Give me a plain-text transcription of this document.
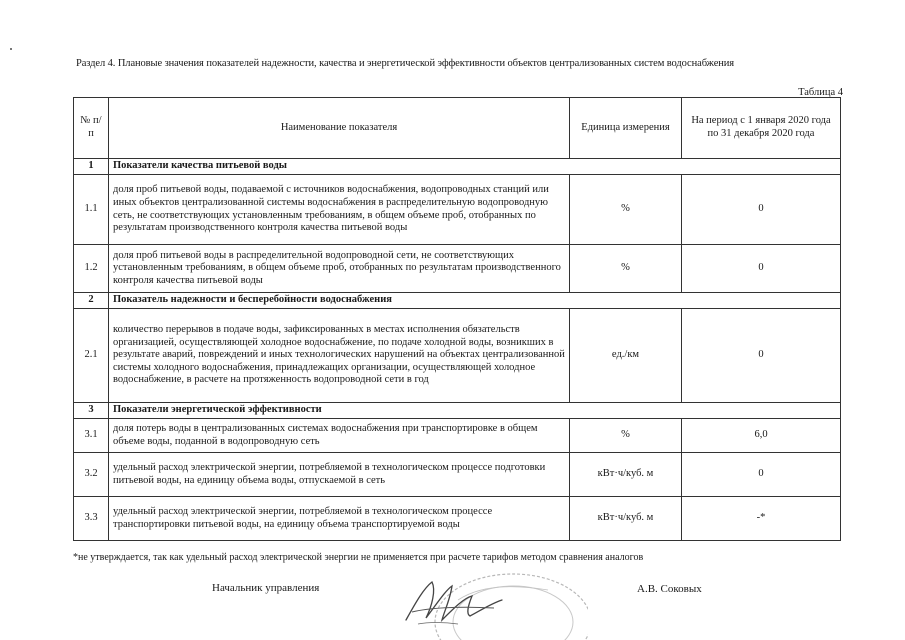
Раздел 4. Плановые значения показателей надежности, качества и энергетической эффективности объектов централизованных систем водоснабжения
Таблица 4
№ п/п	Наименование показателя	Единица измерения	На период с 1 января 2020 года по 31 декабря 2020 года
1	Показатели качества питьевой воды		
1.1	доля проб питьевой воды, подаваемой с источников водоснабжения, водопроводных станций или иных объектов централизованной системы водоснабжения в распределительную водопроводную сеть, не соответствующих установленным требованиям, в общем объеме проб, отобранных по результатам производственного контроля качества питьевой воды	%	0
1.2	доля проб питьевой воды в распределительной водопроводной сети, не соответствующих установленным требованиям, в общем объеме проб, отобранных по результатам производственного контроля качества питьевой воды	%	0
2	Показатель надежности и бесперебойности водоснабжения		
2.1	количество перерывов в подаче воды, зафиксированных в местах исполнения обязательств организацией, осуществляющей холодное водоснабжение, по подаче холодной воды, возникших в результате аварий, повреждений и иных технологических нарушений на объектах централизованной системы холодного водоснабжения, принадлежащих организации, осуществляющей холодное водоснабжение, в расчете на протяженность водопроводной сети в год	ед./км	0
3	Показатели энергетической эффективности		
3.1	доля потерь воды в централизованных системах водоснабжения при транспортировке в общем объеме воды, поданной в водопроводную сеть	%	6,0
3.2	удельный расход электрической энергии, потребляемой в технологическом процессе подготовки питьевой воды, на единицу объема воды, отпускаемой в сеть	кВт·ч/куб. м	0
3.3	удельный расход электрической энергии, потребляемой в технологическом процессе транспортировки питьевой воды, на единицу объема транспортируемой воды	кВт·ч/куб. м	-*
*не утверждается, так как удельный расход электрической энергии не применяется при расчете тарифов методом сравнения аналогов
Начальник управления	А.В. Соковых
